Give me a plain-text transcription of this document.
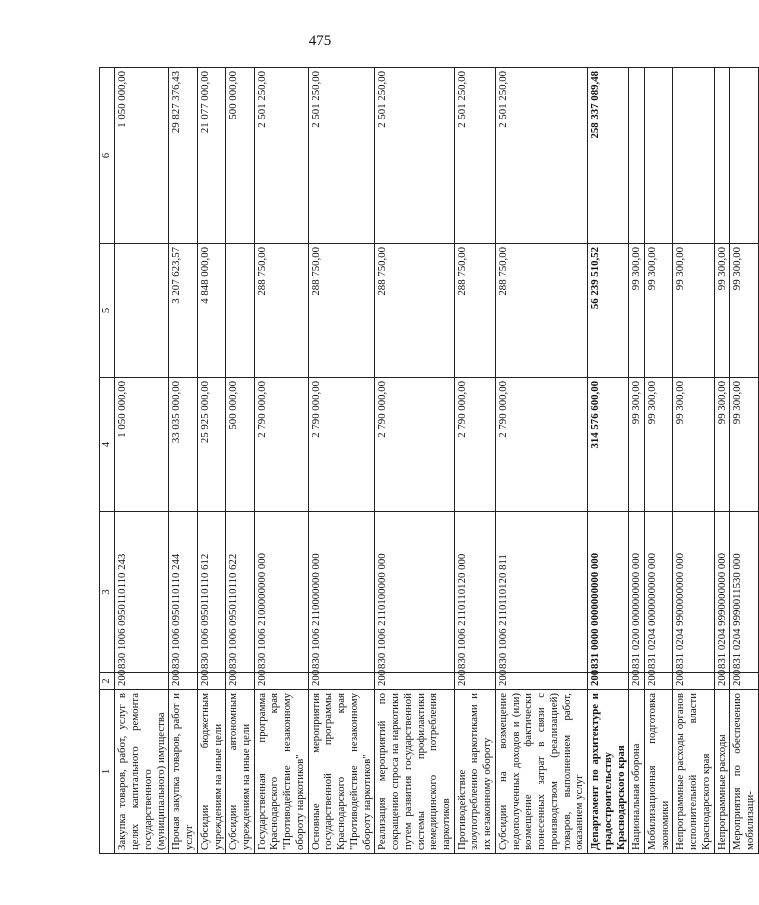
475
1	2	3	4	5	6
Закупка товаров, работ, услуг в целях капитального ремонта государственного (муниципального) имущества	200	830 1006 0950110110 243	1 050 000,00		1 050 000,00
Прочая закупка товаров, работ и услуг	200	830 1006 0950110110 244	33 035 000,00	3 207 623,57	29 827 376,43
Субсидии бюджетным учреждениям на иные цели	200	830 1006 0950110110 612	25 925 000,00	4 848 000,00	21 077 000,00
Субсидии автономным учреждениям на иные цели	200	830 1006 0950110110 622	500 000,00		500 000,00
Государственная программа Краснодарского края "Противодействие незаконному обороту наркотиков"	200	830 1006 2100000000 000	2 790 000,00	288 750,00	2 501 250,00
Основные мероприятия государственной программы Краснодарского края "Противодействие незаконному обороту наркотиков"	200	830 1006 2110000000 000	2 790 000,00	288 750,00	2 501 250,00
Реализация мероприятий по сокращению спроса на наркотики путем развития государственной системы профилактики немедицинского потребления наркотиков	200	830 1006 2110100000 000	2 790 000,00	288 750,00	2 501 250,00
Противодействие злоупотреблению наркотиками и их незаконному обороту	200	830 1006 2110110120 000	2 790 000,00	288 750,00	2 501 250,00
Субсидии на возмещение недополученных доходов и (или) возмещение фактически понесенных затрат в связи с производством (реализацией) товаров, выполнением работ, оказанием услуг	200	830 1006 2110110120 811	2 790 000,00	288 750,00	2 501 250,00
Департамент по архитектуре и градостроительству Краснодарского края	200	831 0000 0000000000 000	314 576 600,00	56 239 510,52	258 337 089,48
Национальная оборона	200	831 0200 0000000000 000	99 300,00	99 300,00	
Мобилизационная подготовка экономики	200	831 0204 0000000000 000	99 300,00	99 300,00	
Непрограммные расходы органов исполнительной власти Краснодарского края	200	831 0204 9900000000 000	99 300,00	99 300,00	
Непрограммные расходы	200	831 0204 9990000000 000	99 300,00	99 300,00	
Мероприятия по обеспечению мобилизаци-	200	831 0204 9990011530 000	99 300,00	99 300,00	
